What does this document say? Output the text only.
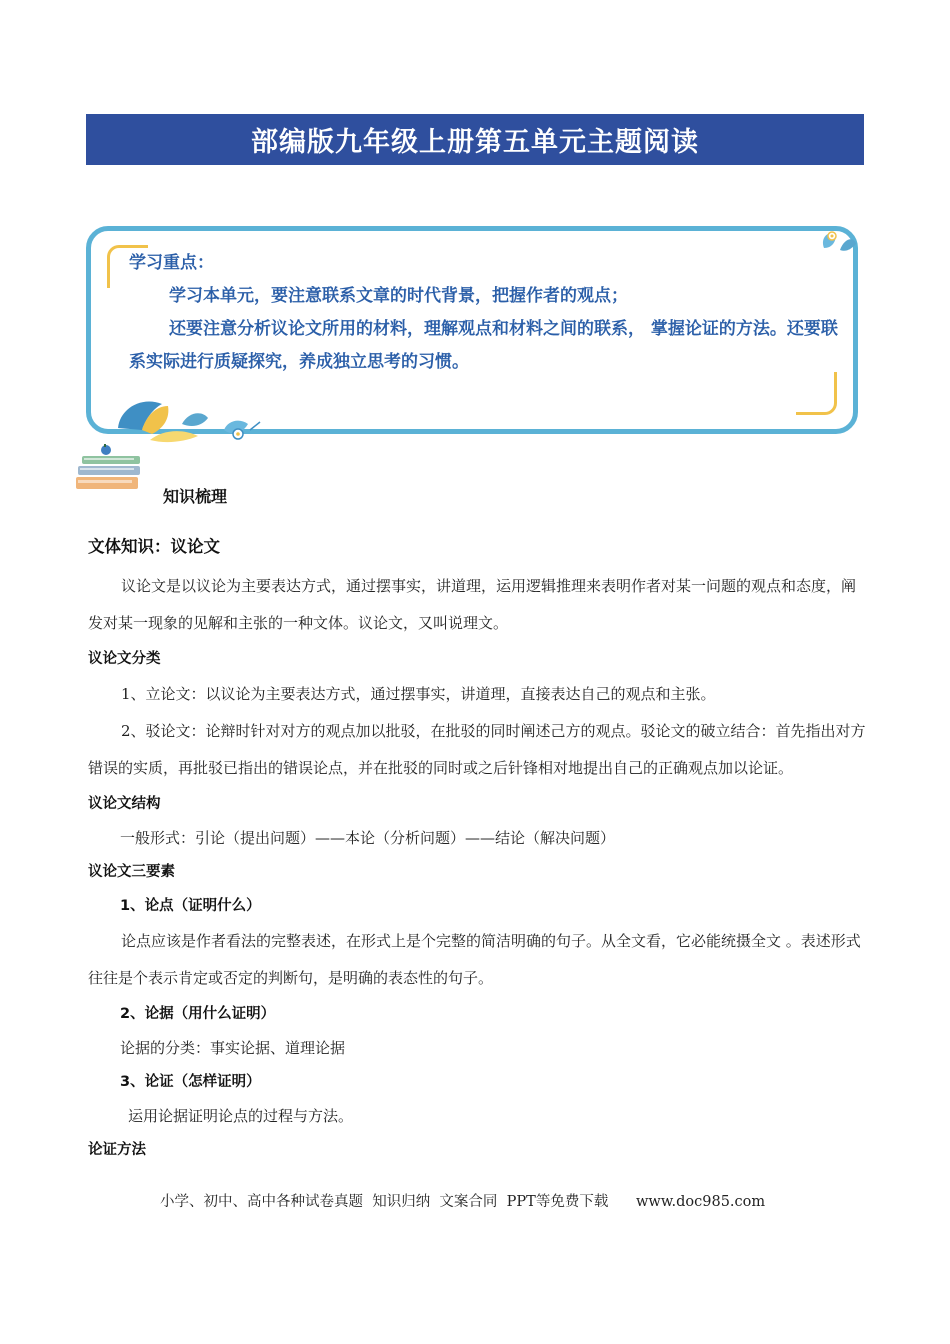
部编版九年级上册第五单元主题阅读

学习重点：

学习本单元，要注意联系文章的时代背景，把握作者的观点；

还要注意分析议论文所用的材料，理解观点和材料之间的联系， 掌握论证的方法。还要联系实际进行质疑探究，养成独立思考的习惯。

知识梳理

文体知识：议论文

议论文是以议论为主要表达方式，通过摆事实，讲道理，运用逻辑推理来表明作者对某一问题的观点和态度，阐发对某一现象的见解和主张的一种文体。议论文，又叫说理文。

议论文分类

1、立论文：以议论为主要表达方式，通过摆事实，讲道理，直接表达自己的观点和主张。

2、驳论文：论辩时针对对方的观点加以批驳，在批驳的同时阐述己方的观点。驳论文的破立结合：首先指出对方错误的实质，再批驳已指出的错误论点，并在批驳的同时或之后针锋相对地提出自己的正确观点加以论证。

议论文结构

一般形式：引论（提出问题）——本论（分析问题）——结论（解决问题）

议论文三要素

1、论点（证明什么）

论点应该是作者看法的完整表述，在形式上是个完整的简洁明确的句子。从全文看，它必能统摄全文 。表述形式往往是个表示肯定或否定的判断句，是明确的表态性的句子。

2、论据（用什么证明）

论据的分类：事实论据、道理论据

3、论证（怎样证明）

运用论据证明论点的过程与方法。

论证方法

小学、初中、高中各种试卷真题  知识归纳  文案合同  PPT等免费下载 www.doc985.com
